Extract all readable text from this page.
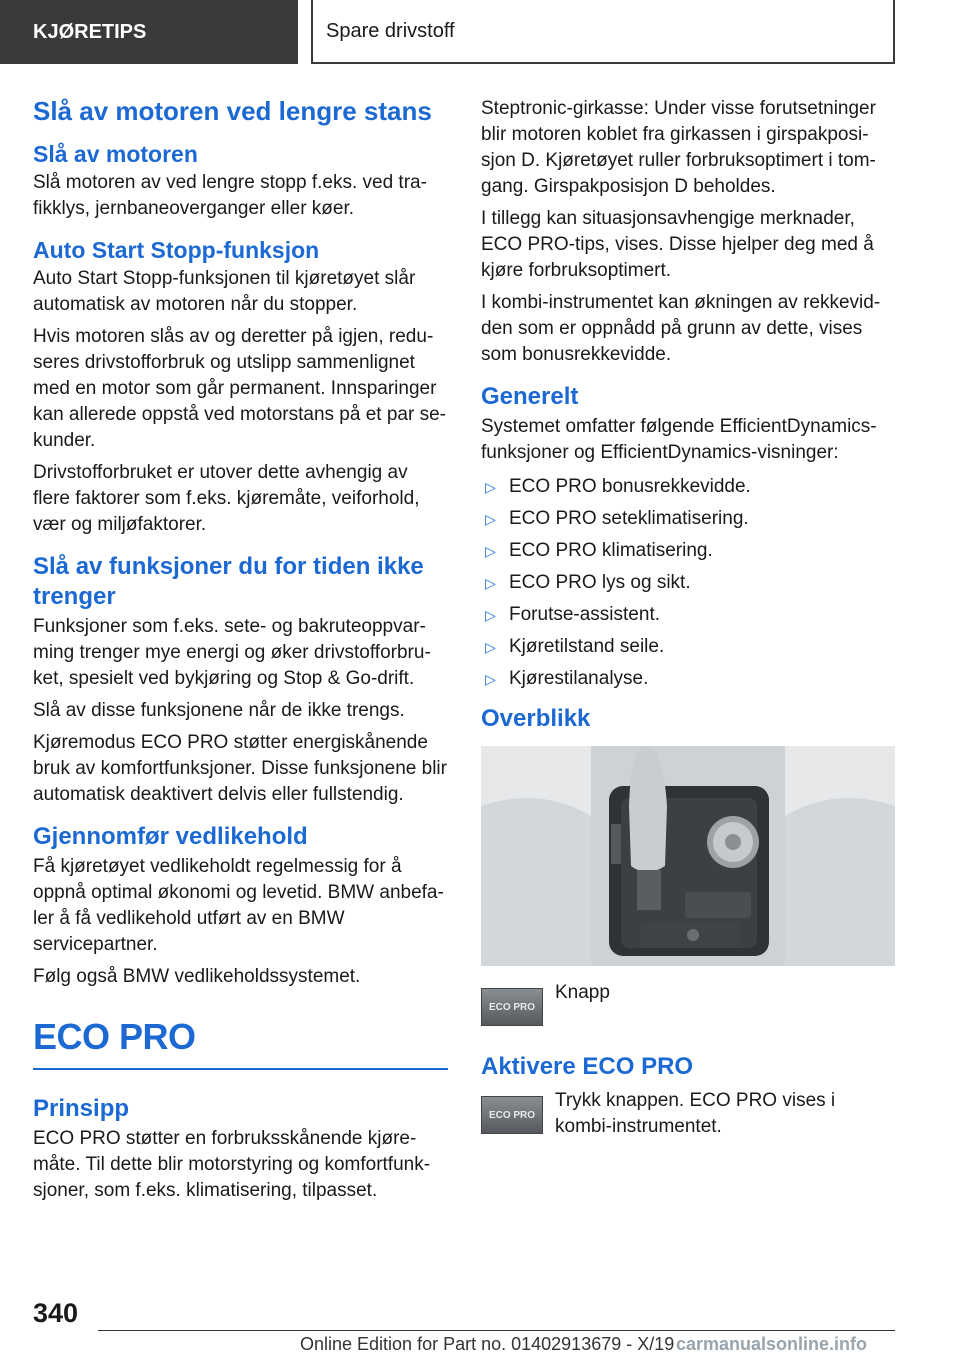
KJØRETIPS	Spare drivstoff
Slå av motoren ved lengre stans
Slå av motoren

Slå motoren av ved lengre stopp f.eks. ved trafikklys, jernbaneoverganger eller køer.

Auto Start Stopp-funksjon

Auto Start Stopp-funksjonen til kjøretøyet slår automatisk av motoren når du stopper.

Hvis motoren slås av og deretter på igjen, reduseres drivstofforbruk og utslipp sammenlignet med en motor som går permanent. Innsparinger kan allerede oppstå ved motorstans på et par sekunder.

Drivstofforbruket er utover dette avhengig av flere faktorer som f.eks. kjøremåte, veiforhold, vær og miljøfaktorer.

Slå av funksjoner du for tiden ikke trenger

Funksjoner som f.eks. sete- og bakruteoppvarming trenger mye energi og øker drivstofforbruket, spesielt ved bykjøring og Stop & Go-drift.

Slå av disse funksjonene når de ikke trengs.

Kjøremodus ECO PRO støtter energiskånende bruk av komfortfunksjoner. Disse funksjonene blir automatisk deaktivert delvis eller fullstendig.

Gjennomfør vedlikehold

Få kjøretøyet vedlikeholdt regelmessig for å oppnå optimal økonomi og levetid. BMW anbefaler å få vedlikehold utført av en BMW servicepartner.

Følg også BMW vedlikeholdssystemet.

ECO PRO
Prinsipp

ECO PRO støtter en forbruksskånende kjøremåte. Til dette blir motorstyring og komfortfunksjoner, som f.eks. klimatisering, tilpasset.

Steptronic-girkasse: Under visse forutsetninger blir motoren koblet fra girkassen i girspakposisjon D. Kjøretøyet ruller forbruksoptimert i tomgang. Girspakposisjon D beholdes.

I tillegg kan situasjonsavhengige merknader, ECO PRO-tips, vises. Disse hjelper deg med å kjøre forbruksoptimert.

I kombi-instrumentet kan økningen av rekkevidden som er oppnådd på grunn av dette, vises som bonusrekkevidde.

Generelt

Systemet omfatter følgende EfficientDynamics-funksjoner og EfficientDynamics-visninger:

▷ ECO PRO bonusrekkevidde.
▷ ECO PRO seteklimatisering.
▷ ECO PRO klimatisering.
▷ ECO PRO lys og sikt.
▷ Forutse-assistent.
▷ Kjøretilstand seile.
▷ Kjørestilanalyse.
Overblikk
ECO PRO
Knapp
Aktivere ECO PRO
ECO PRO
Trykk knappen. ECO PRO vises i kombi-instrumentet.
340
Online Edition for Part no. 01402913679 - X/19 carmanualsonline.info
